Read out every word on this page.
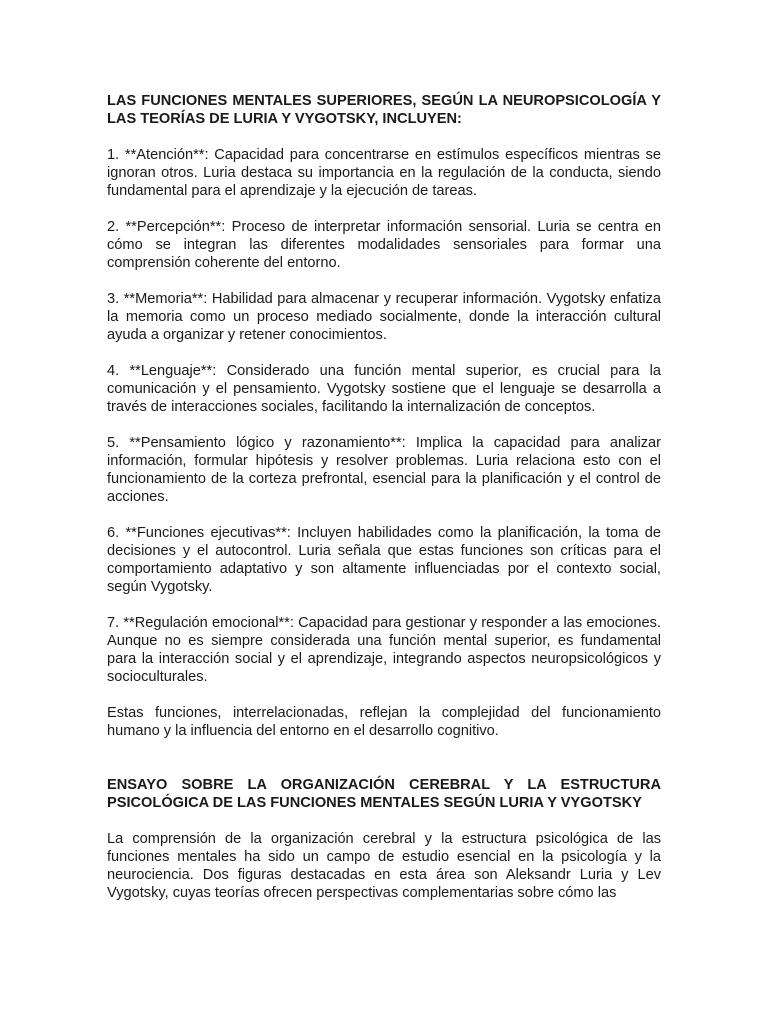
LAS FUNCIONES MENTALES SUPERIORES, SEGÚN LA NEUROPSICOLOGÍA Y LAS TEORÍAS DE LURIA Y VYGOTSKY, INCLUYEN:
1. **Atención**: Capacidad para concentrarse en estímulos específicos mientras se ignoran otros. Luria destaca su importancia en la regulación de la conducta, siendo fundamental para el aprendizaje y la ejecución de tareas.
2. **Percepción**: Proceso de interpretar información sensorial. Luria se centra en cómo se integran las diferentes modalidades sensoriales para formar una comprensión coherente del entorno.
3. **Memoria**: Habilidad para almacenar y recuperar información. Vygotsky enfatiza la memoria como un proceso mediado socialmente, donde la interacción cultural ayuda a organizar y retener conocimientos.
4. **Lenguaje**: Considerado una función mental superior, es crucial para la comunicación y el pensamiento. Vygotsky sostiene que el lenguaje se desarrolla a través de interacciones sociales, facilitando la internalización de conceptos.
5. **Pensamiento lógico y razonamiento**: Implica la capacidad para analizar información, formular hipótesis y resolver problemas. Luria relaciona esto con el funcionamiento de la corteza prefrontal, esencial para la planificación y el control de acciones.
6. **Funciones ejecutivas**: Incluyen habilidades como la planificación, la toma de decisiones y el autocontrol. Luria señala que estas funciones son críticas para el comportamiento adaptativo y son altamente influenciadas por el contexto social, según Vygotsky.
7. **Regulación emocional**: Capacidad para gestionar y responder a las emociones. Aunque no es siempre considerada una función mental superior, es fundamental para la interacción social y el aprendizaje, integrando aspectos neuropsicológicos y socioculturales.
Estas funciones, interrelacionadas, reflejan la complejidad del funcionamiento humano y la influencia del entorno en el desarrollo cognitivo.
ENSAYO SOBRE LA ORGANIZACIÓN CEREBRAL Y LA ESTRUCTURA PSICOLÓGICA DE LAS FUNCIONES MENTALES SEGÚN LURIA Y VYGOTSKY
La comprensión de la organización cerebral y la estructura psicológica de las funciones mentales ha sido un campo de estudio esencial en la psicología y la neurociencia. Dos figuras destacadas en esta área son Aleksandr Luria y Lev Vygotsky, cuyas teorías ofrecen perspectivas complementarias sobre cómo las
